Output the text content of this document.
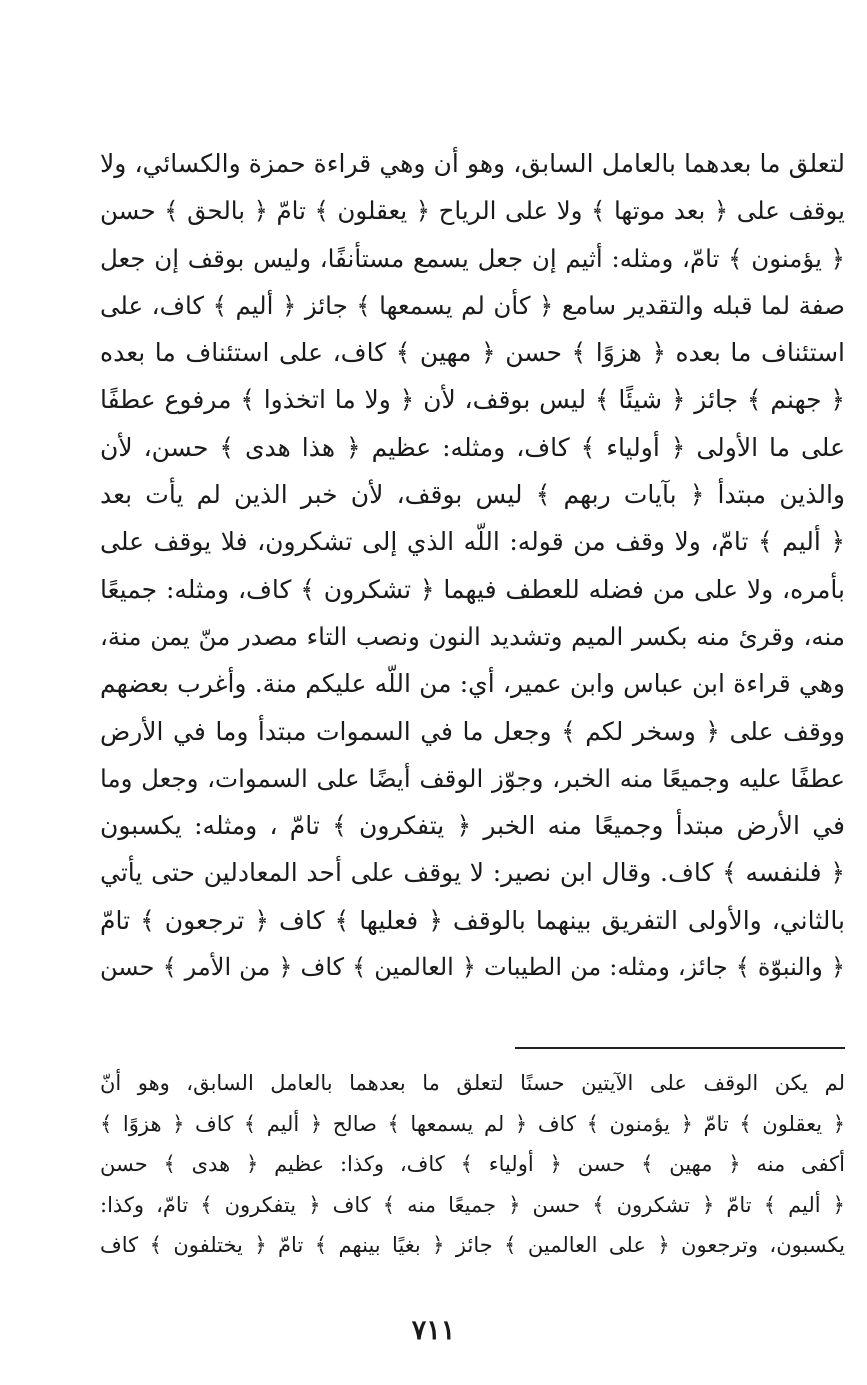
لتعلق ما بعدهما بالعامل السابق، وهو أن وهي قراءة حمزة والكسائي، ولا
يوقف على ﴿ بعد موتها ﴾ ولا على الرياح ﴿ يعقلون ﴾ تامّ ﴿ بالحق ﴾ حسن
﴿ يؤمنون ﴾ تامّ، ومثله: أثيم إن جعل يسمع مستأنفًا، وليس بوقف إن جعل
صفة لما قبله والتقدير سامع ﴿ كأن لم يسمعها ﴾ جائز ﴿ أليم ﴾ كاف، على
استئناف ما بعده ﴿ هزوًا ﴾ حسن ﴿ مهين ﴾ كاف، على استئناف ما بعده
﴿ جهنم ﴾ جائز ﴿ شيئًا ﴾ ليس بوقف، لأن ﴿ ولا ما اتخذوا ﴾ مرفوع عطفًا
على ما الأولى ﴿ أولياء ﴾ كاف، ومثله: عظيم ﴿ هذا هدى ﴾ حسن، لأن
والذين مبتدأ ﴿ بآيات ربهم ﴾ ليس بوقف، لأن خبر الذين لم يأت بعد
﴿ أليم ﴾ تامّ، ولا وقف من قوله: اللّه الذي إلى تشكرون، فلا يوقف على
بأمره، ولا على من فضله للعطف فيهما ﴿ تشكرون ﴾ كاف، ومثله: جميعًا
منه، وقرئ منه بكسر الميم وتشديد النون ونصب التاء مصدر منّ يمن منة،
وهي قراءة ابن عباس وابن عمير، أي: من اللّه عليكم منة. وأغرب بعضهم
ووقف على ﴿ وسخر لكم ﴾ وجعل ما في السموات مبتدأ وما في الأرض
عطفًا عليه وجميعًا منه الخبر، وجوّز الوقف أيضًا على السموات، وجعل وما
في الأرض مبتدأ وجميعًا منه الخبر ﴿ يتفكرون ﴾ تامّ ، ومثله: يكسبون
﴿ فلنفسه ﴾ كاف. وقال ابن نصير: لا يوقف على أحد المعادلين حتى يأتي
بالثاني، والأولى التفريق بينهما بالوقف ﴿ فعليها ﴾ كاف ﴿ ترجعون ﴾ تامّ
﴿ والنبوّة ﴾ جائز، ومثله: من الطيبات ﴿ العالمين ﴾ كاف ﴿ من الأمر ﴾ حسن
لم يكن الوقف على الآيتين حسنًا لتعلق ما بعدهما بالعامل السابق، وهو أنّ
﴿ يعقلون ﴾ تامّ ﴿ يؤمنون ﴾ كاف ﴿ لم يسمعها ﴾ صالح ﴿ أليم ﴾ كاف ﴿ هزوًا ﴾
أكفى منه ﴿ مهين ﴾ حسن ﴿ أولياء ﴾ كاف، وكذا: عظيم ﴿ هدى ﴾ حسن
﴿ أليم ﴾ تامّ ﴿ تشكرون ﴾ حسن ﴿ جميعًا منه ﴾ كاف ﴿ يتفكرون ﴾ تامّ، وكذا:
يكسبون، وترجعون ﴿ على العالمين ﴾ جائز ﴿ بغيًا بينهم ﴾ تامّ ﴿ يختلفون ﴾ كاف
٧١١
